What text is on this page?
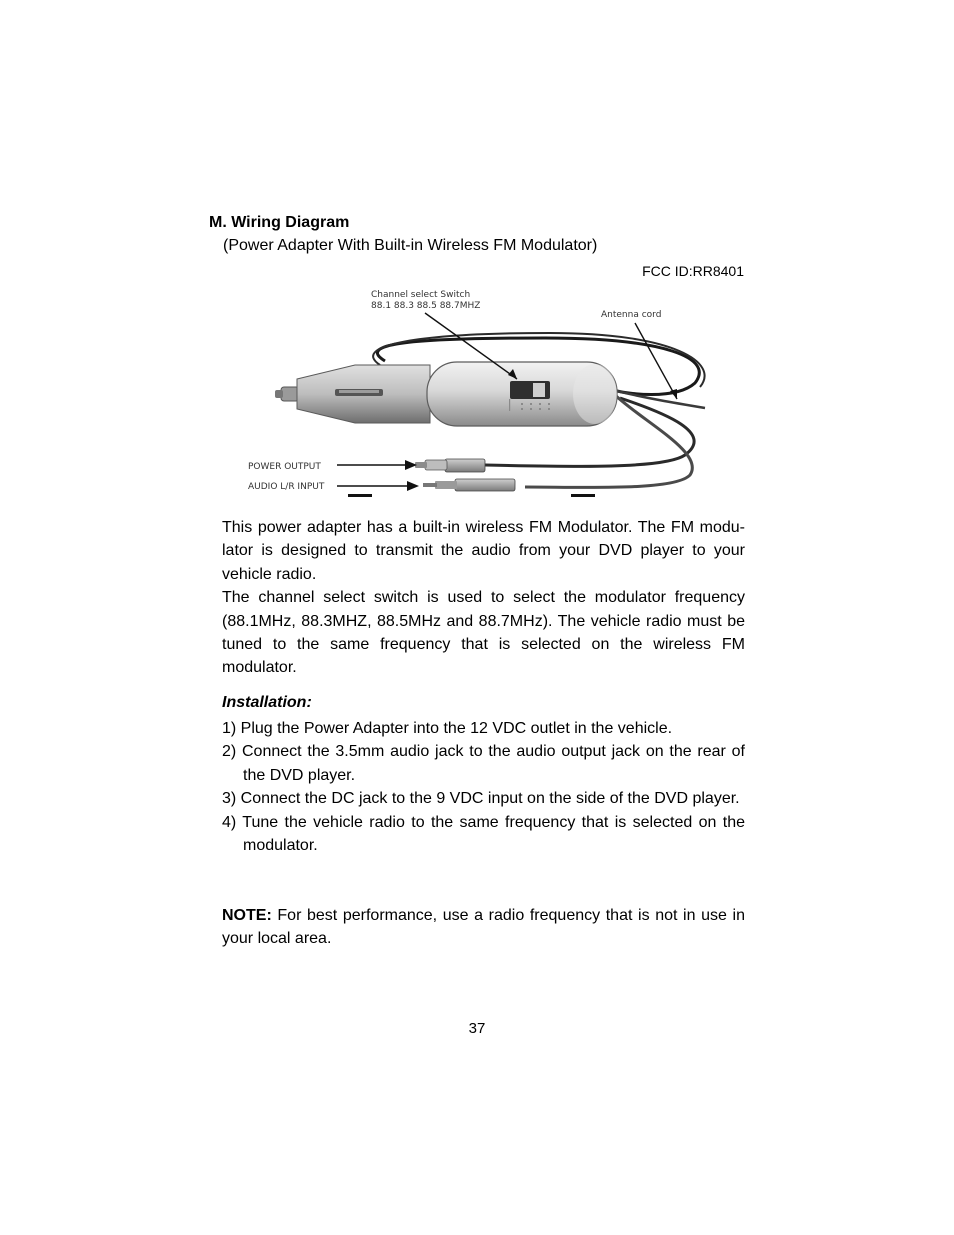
M. Wiring Diagram
(Power Adapter With Built-in Wireless FM Modulator)
FCC ID:RR8401
Channel select Switch
88.1 88.3 88.5 88.7MHZ
Antenna cord
POWER OUTPUT
AUDIO L/R INPUT

This power adapter has a built-in wireless FM Modulator. The FM modu-lator is designed to transmit the audio from your DVD player to your vehicle radio.

The channel select switch is used to select the modulator frequency (88.1MHz, 88.3MHZ, 88.5MHz and 88.7MHz). The vehicle radio must be tuned to the same frequency that is selected on the wireless FM modulator.

Installation:
1) Plug the Power Adapter into the 12 VDC outlet in the vehicle.
2) Connect the 3.5mm audio jack to the audio output jack on the rear of the DVD player.
3) Connect the DC jack to the 9 VDC input on the side of the DVD player.
4) Tune the vehicle radio to the same frequency that is selected on the modulator.
NOTE: For best performance, use a radio frequency that is not in use in your local area.
37
